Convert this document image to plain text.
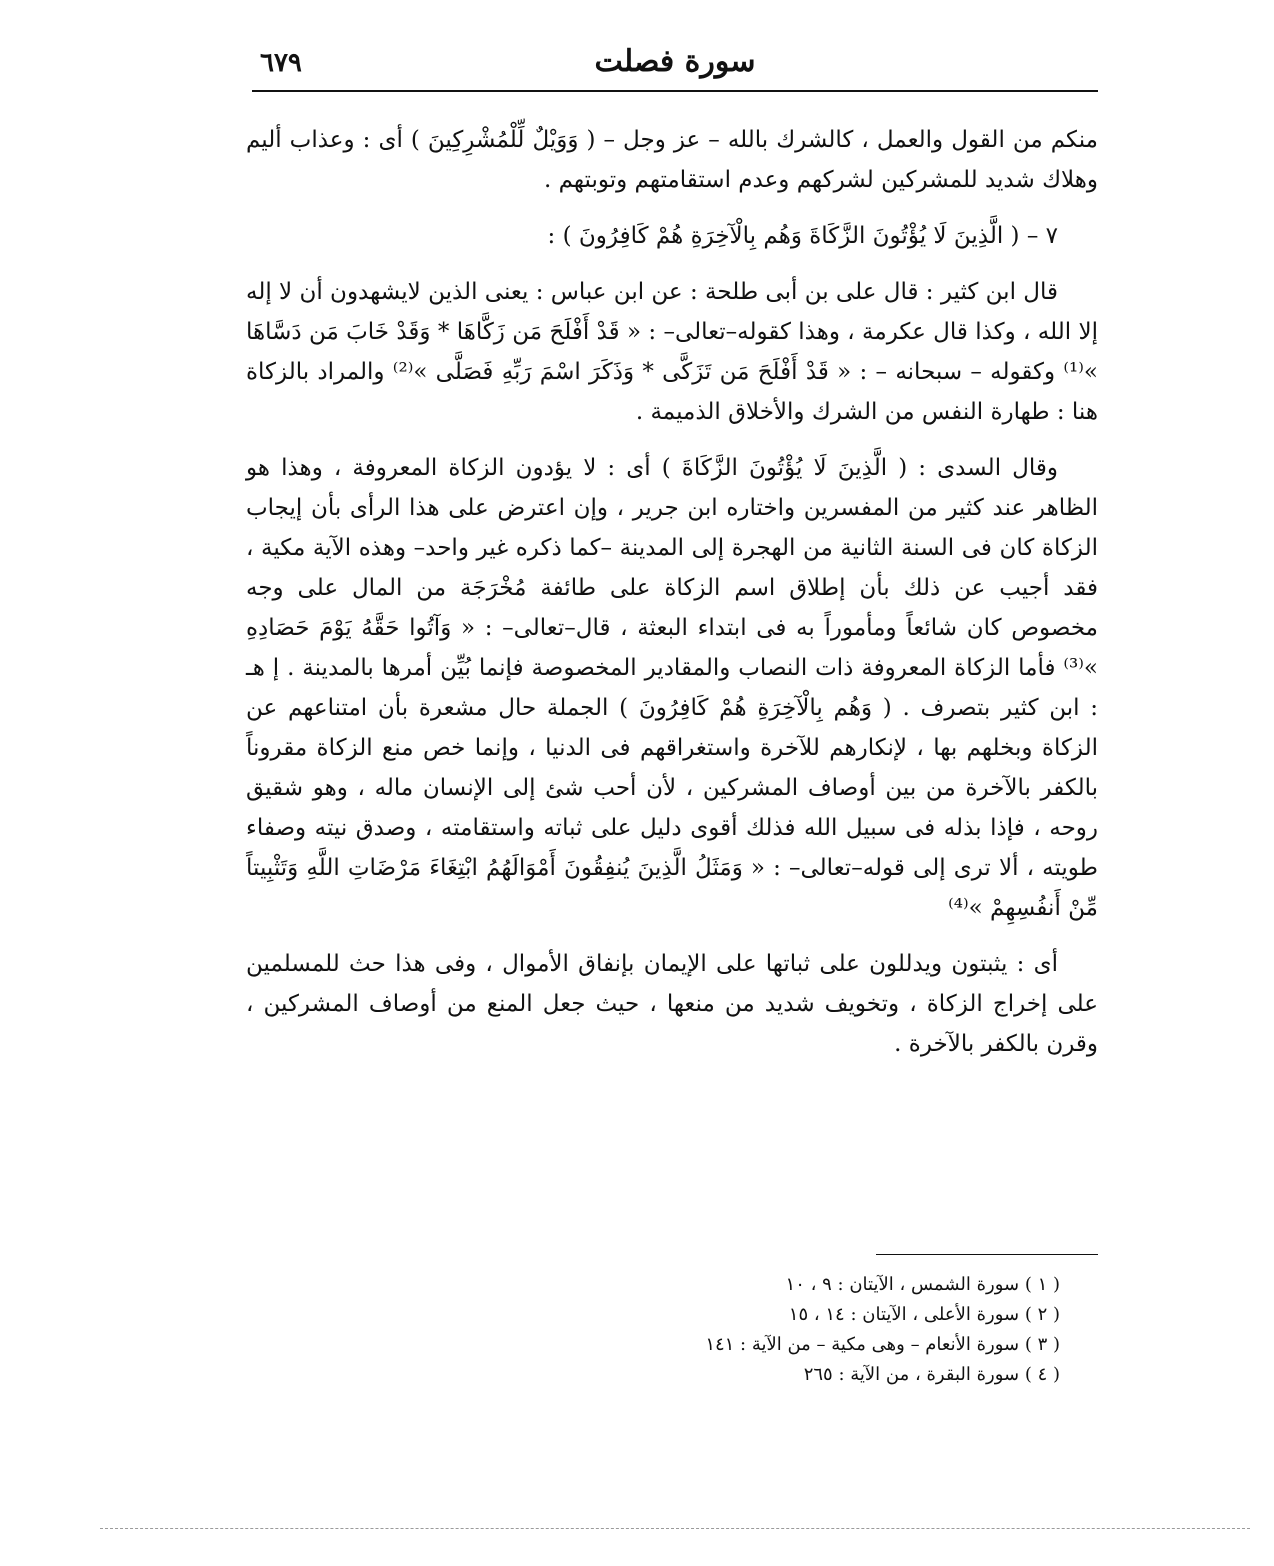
سورة فصلت
٦٧٩

منكم من القول والعمل ، كالشرك بالله – عز وجل – ( وَوَيْلٌ لِّلْمُشْرِكِينَ ) أى : وعذاب أليم وهلاك شديد للمشركين لشركهم وعدم استقامتهم وتوبتهم .

٧ – ( الَّذِينَ لَا يُؤْتُونَ الزَّكَاةَ وَهُم بِالْآخِرَةِ هُمْ كَافِرُونَ ) :

قال ابن كثير : قال على بن أبى طلحة : عن ابن عباس : يعنى الذين لايشهدون أن لا إله إلا الله ، وكذا قال عكرمة ، وهذا كقوله–تعالى– : « قَدْ أَفْلَحَ مَن زَكَّاهَا * وَقَدْ خَابَ مَن دَسَّاهَا »⁽¹⁾ وكقوله – سبحانه – : « قَدْ أَفْلَحَ مَن تَزَكَّى * وَذَكَرَ اسْمَ رَبِّهِ فَصَلَّى »⁽²⁾ والمراد بالزكاة هنا : طهارة النفس من الشرك والأخلاق الذميمة .

وقال السدى : ( الَّذِينَ لَا يُؤْتُونَ الزَّكَاةَ ) أى : لا يؤدون الزكاة المعروفة ، وهذا هو الظاهر عند كثير من المفسرين واختاره ابن جرير ، وإن اعترض على هذا الرأى بأن إيجاب الزكاة كان فى السنة الثانية من الهجرة إلى المدينة –كما ذكره غير واحد– وهذه الآية مكية ، فقد أجيب عن ذلك بأن إطلاق اسم الزكاة على طائفة مُخْرَجَة من المال على وجه مخصوص كان شائعاً ومأموراً به فى ابتداء البعثة ، قال–تعالى– : « وَآتُوا حَقَّهُ يَوْمَ حَصَادِهِ »⁽³⁾ فأما الزكاة المعروفة ذات النصاب والمقادير المخصوصة فإنما بُيِّن أمرها بالمدينة . إ هـ : ابن كثير بتصرف . ( وَهُم بِالْآخِرَةِ هُمْ كَافِرُونَ ) الجملة حال مشعرة بأن امتناعهم عن الزكاة وبخلهم بها ، لإنكارهم للآخرة واستغراقهم فى الدنيا ، وإنما خص منع الزكاة مقروناً بالكفر بالآخرة من بين أوصاف المشركين ، لأن أحب شئ إلى الإنسان ماله ، وهو شقيق روحه ، فإذا بذله فى سبيل الله فذلك أقوى دليل على ثباته واستقامته ، وصدق نيته وصفاء طويته ، ألا ترى إلى قوله–تعالى– : « وَمَثَلُ الَّذِينَ يُنفِقُونَ أَمْوَالَهُمُ ابْتِغَاءَ مَرْضَاتِ اللَّهِ وَتَثْبِيتاً مِّنْ أَنفُسِهِمْ »⁽⁴⁾

أى : يثبتون ويدللون على ثباتها على الإيمان بإنفاق الأموال ، وفى هذا حث للمسلمين على إخراج الزكاة ، وتخويف شديد من منعها ، حيث جعل المنع من أوصاف المشركين ، وقرن بالكفر بالآخرة .

( ١ ) سورة الشمس ، الآيتان : ٩ ، ١٠

( ٢ ) سورة الأعلى ، الآيتان : ١٤ ، ١٥

( ٣ ) سورة الأنعام – وهى مكية – من الآية : ١٤١

( ٤ ) سورة البقرة ، من الآية : ٢٦٥
